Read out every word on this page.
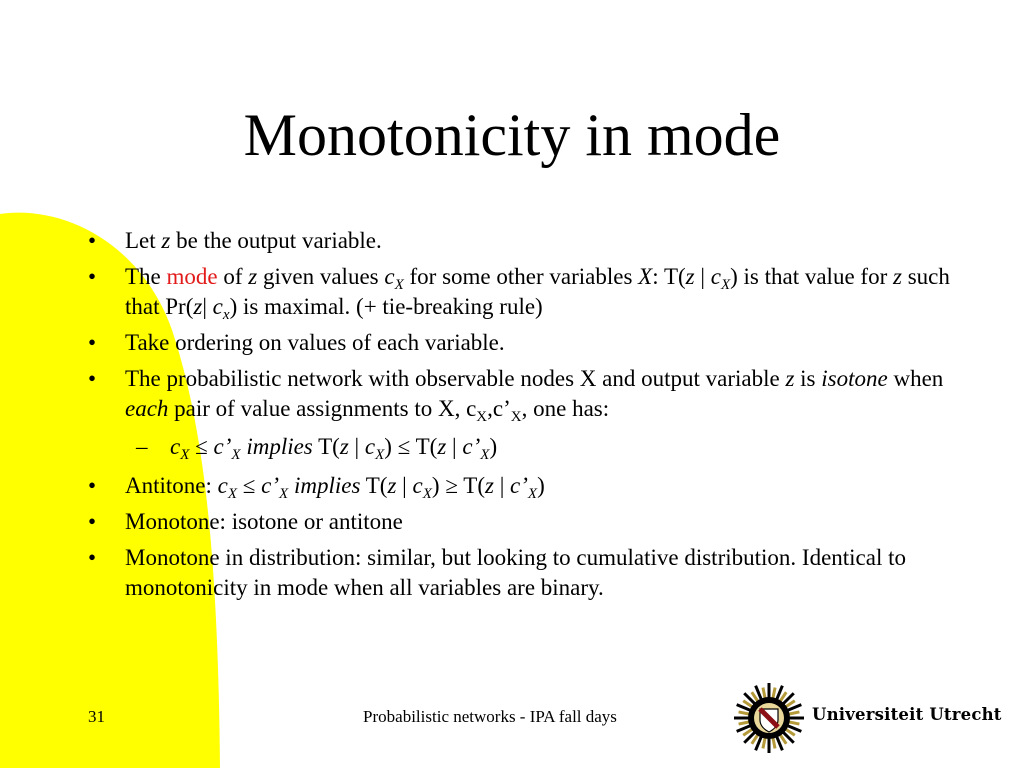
Monotonicity in mode
• Let z be the output variable.
• The mode of z given values $c_X$ for some other variables X: T(z | $c_X$) is that value for z such that Pr(z| $c_x$) is maximal. (+ tie-breaking rule)
• Take ordering on values of each variable.
• The probabilistic network with observable nodes X and output variable z is isotone when each pair of value assignments to X, $c_X,c’_X$, one has:
– $c_X$ ≤ $c’_X$ implies T(z | $c_X) \le T(z$ | $c’_X$)
• Antitone: $c_X$ ≤ $c’_X$ implies T(z | $c_X) \ge T(z$ | $c’_X$)
• Monotone: isotone or antitone
• Monotone in distribution: similar, but looking to cumulative distribution. Identical to monotonicity in mode when all variables are binary.
31	Probabilistic networks - IPA fall days	Universiteit Utrecht
